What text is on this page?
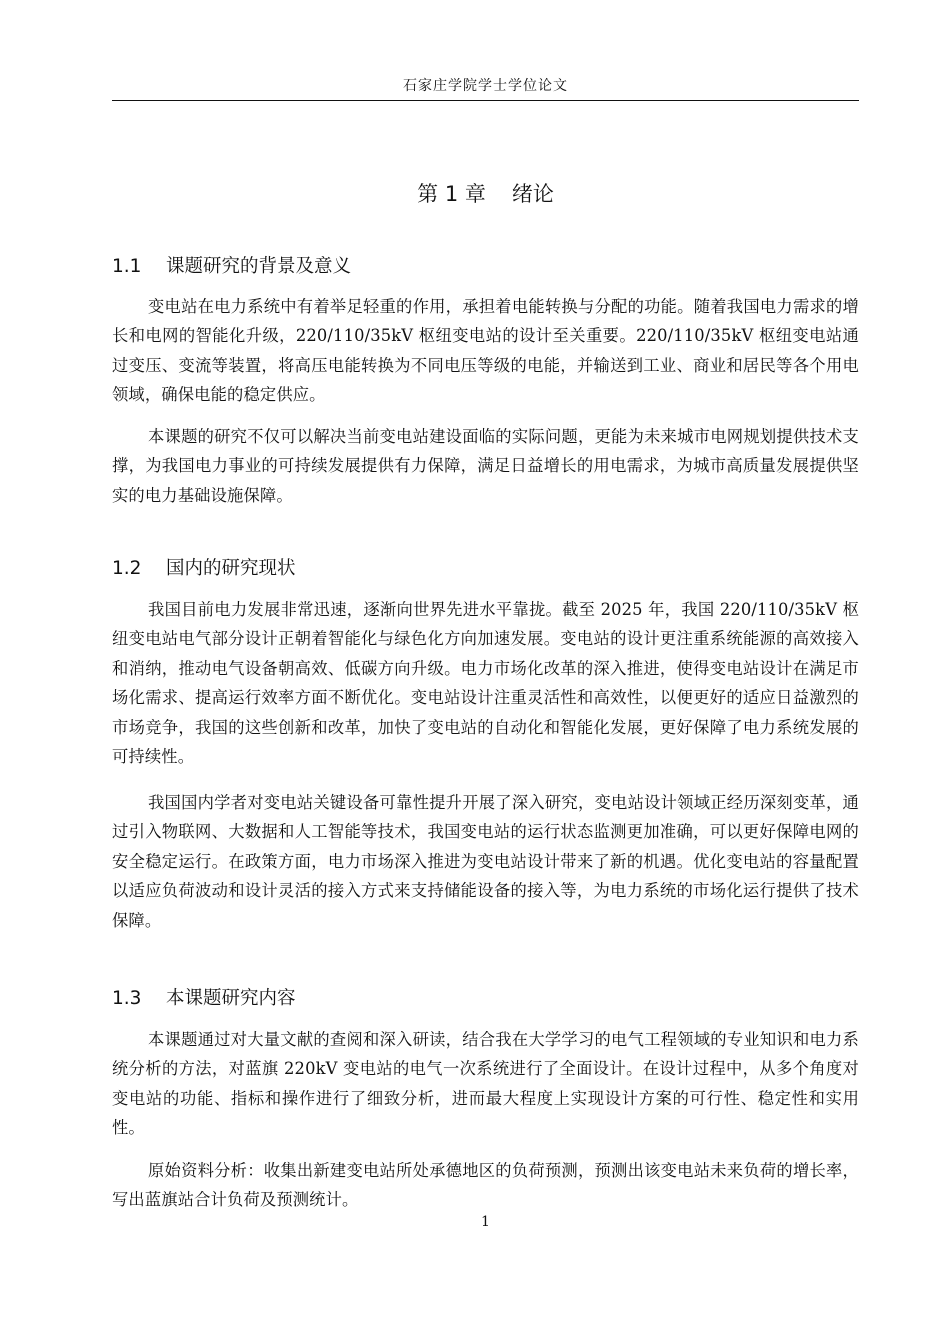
石家庄学院学士学位论文
第 1 章 绪论
1.1 课题研究的背景及意义

变电站在电力系统中有着举足轻重的作用，承担着电能转换与分配的功能。随着我国电力需求的增长和电网的智能化升级，220/110/35kV 枢纽变电站的设计至关重要。220/110/35kV 枢纽变电站通过变压、变流等装置，将高压电能转换为不同电压等级的电能，并输送到工业、商业和居民等各个用电领域，确保电能的稳定供应。

本课题的研究不仅可以解决当前变电站建设面临的实际问题，更能为未来城市电网规划提供技术支撑，为我国电力事业的可持续发展提供有力保障，满足日益增长的用电需求，为城市高质量发展提供坚实的电力基础设施保障。

1.2 国内的研究现状

我国目前电力发展非常迅速，逐渐向世界先进水平靠拢。截至 2025 年，我国 220/110/35kV 枢纽变电站电气部分设计正朝着智能化与绿色化方向加速发展。变电站的设计更注重系统能源的高效接入和消纳，推动电气设备朝高效、低碳方向升级。电力市场化改革的深入推进，使得变电站设计在满足市场化需求、提高运行效率方面不断优化。变电站设计注重灵活性和高效性，以便更好的适应日益激烈的市场竞争，我国的这些创新和改革，加快了变电站的自动化和智能化发展，更好保障了电力系统发展的可持续性。

我国国内学者对变电站关键设备可靠性提升开展了深入研究，变电站设计领域正经历深刻变革，通过引入物联网、大数据和人工智能等技术，我国变电站的运行状态监测更加准确，可以更好保障电网的安全稳定运行。在政策方面，电力市场深入推进为变电站设计带来了新的机遇。优化变电站的容量配置以适应负荷波动和设计灵活的接入方式来支持储能设备的接入等，为电力系统的市场化运行提供了技术保障。

1.3 本课题研究内容

本课题通过对大量文献的查阅和深入研读，结合我在大学学习的电气工程领域的专业知识和电力系统分析的方法，对蓝旗 220kV 变电站的电气一次系统进行了全面设计。在设计过程中，从多个角度对变电站的功能、指标和操作进行了细致分析，进而最大程度上实现设计方案的可行性、稳定性和实用性。

原始资料分析：收集出新建变电站所处承德地区的负荷预测，预测出该变电站未来负荷的增长率，写出蓝旗站合计负荷及预测统计。

1
